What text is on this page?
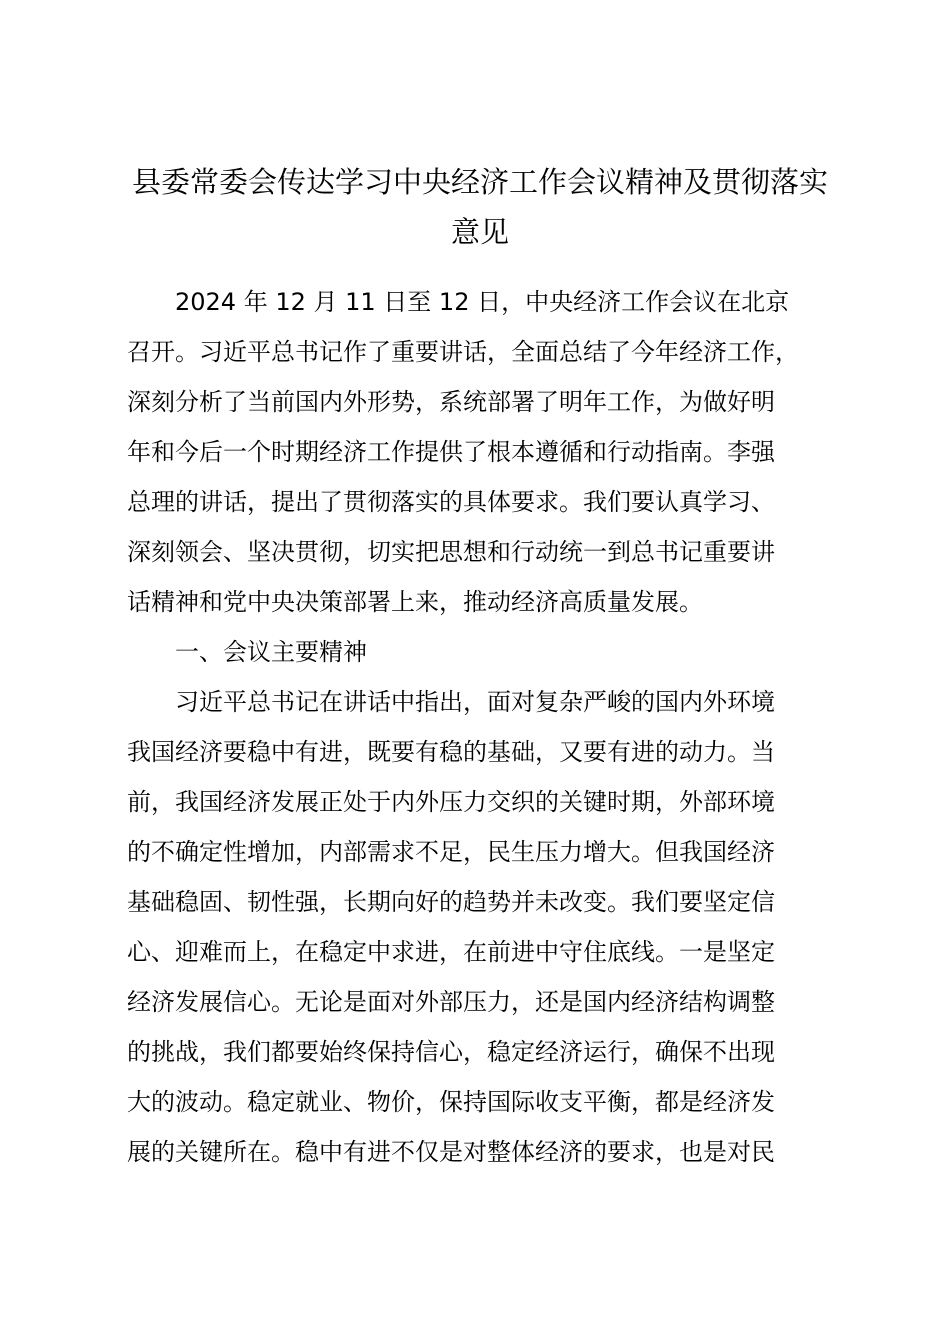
县委常委会传达学习中央经济工作会议精神及贯彻落实
意见
2024 年 12 月 11 日至 12 日，中央经济工作会议在北京
召开。习近平总书记作了重要讲话，全面总结了今年经济工作，
深刻分析了当前国内外形势，系统部署了明年工作，为做好明
年和今后一个时期经济工作提供了根本遵循和行动指南。李强
总理的讲话，提出了贯彻落实的具体要求。我们要认真学习、
深刻领会、坚决贯彻，切实把思想和行动统一到总书记重要讲
话精神和党中央决策部署上来，推动经济高质量发展。
一、会议主要精神
习近平总书记在讲话中指出，面对复杂严峻的国内外环境
我国经济要稳中有进，既要有稳的基础，又要有进的动力。当
前，我国经济发展正处于内外压力交织的关键时期，外部环境
的不确定性增加，内部需求不足，民生压力增大。但我国经济
基础稳固、韧性强，长期向好的趋势并未改变。我们要坚定信
心、迎难而上，在稳定中求进，在前进中守住底线。一是坚定
经济发展信心。无论是面对外部压力，还是国内经济结构调整
的挑战，我们都要始终保持信心，稳定经济运行，确保不出现
大的波动。稳定就业、物价，保持国际收支平衡，都是经济发
展的关键所在。稳中有进不仅是对整体经济的要求，也是对民
